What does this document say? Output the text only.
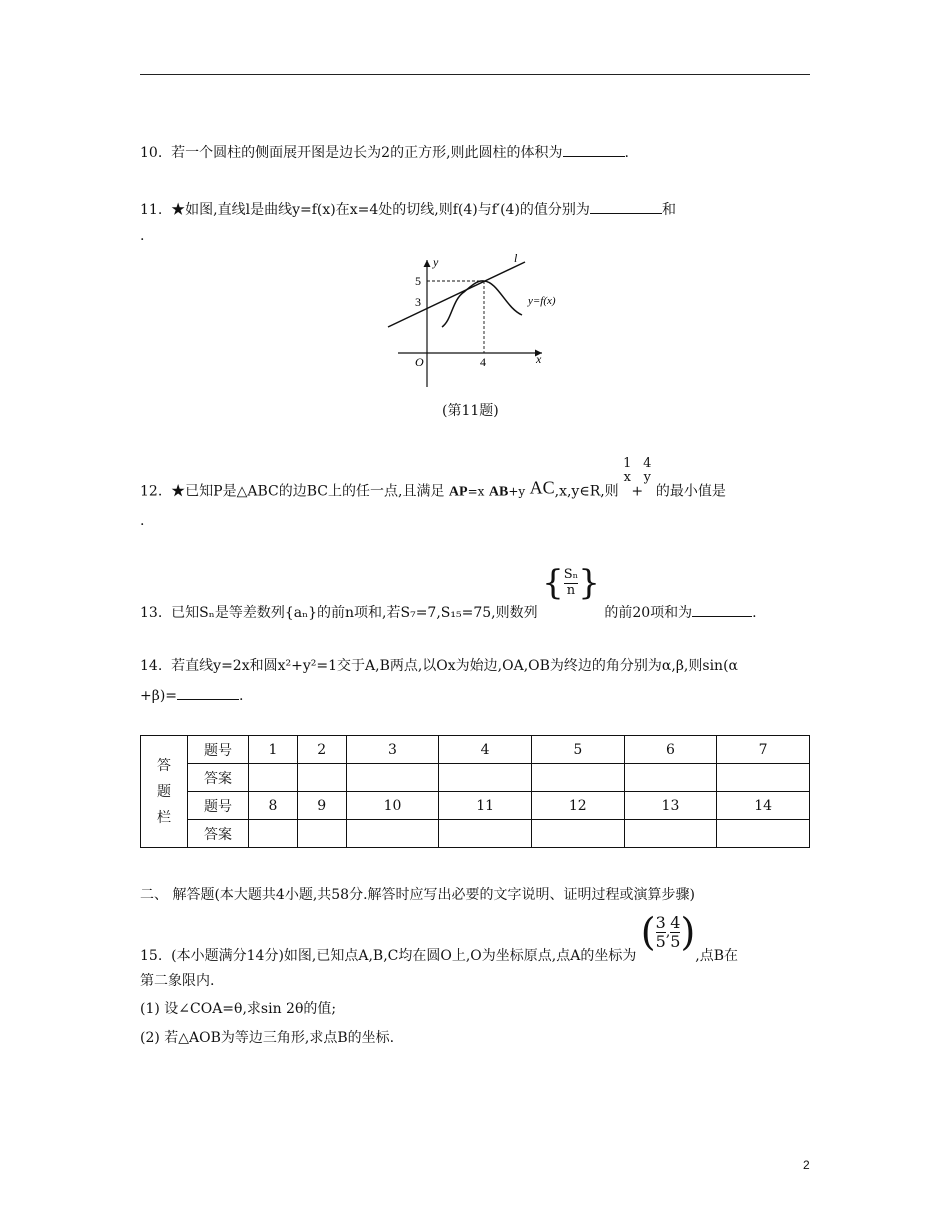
10. 若一个圆柱的侧面展开图是边长为2的正方形,则此圆柱的体积为	.
11. ★如图,直线l是曲线y=f(x)在x=4处的切线,则f(4)与f′(4)的值分别为	和
.
y
x
O
l
y=f(x)
5
3
4
(第11题)
12. ★已知P是△ABC的边BC上的任一点,且满足 AP=x AB+y AC,x,y∈R,则
1
x
+
4
y
的最小值是
.
13. 已知Sₙ是等差数列{aₙ}的前n项和,若S₇=7,S₁₅=75,则数列 { $\frac{\text{Sₙ}}{n}$ } 的前20项和为	.
14. 若直线y=2x和圆x²+y²=1交于A,B两点,以Ox为始边,OA,OB为终边的角分别为α,β,则sin(α
+β)=	.
答
题
栏	题号	1	2	3	4	5	6	7
	答案							
	题号	8	9	10	11	12	13	14
	答案							
二、 解答题(本大题共4小题,共58分.解答时应写出必要的文字说明、证明过程或演算步骤)
15. (本小题满分14分)如图,已知点A,B,C均在圆O上,O为坐标原点,点A的坐标为 ( $\frac{3}{5}$ , $\frac{4}{5}$ ),点B在
第二象限内.
(1) 设∠COA=θ,求sin 2θ的值;
(2) 若△AOB为等边三角形,求点B的坐标.
2
